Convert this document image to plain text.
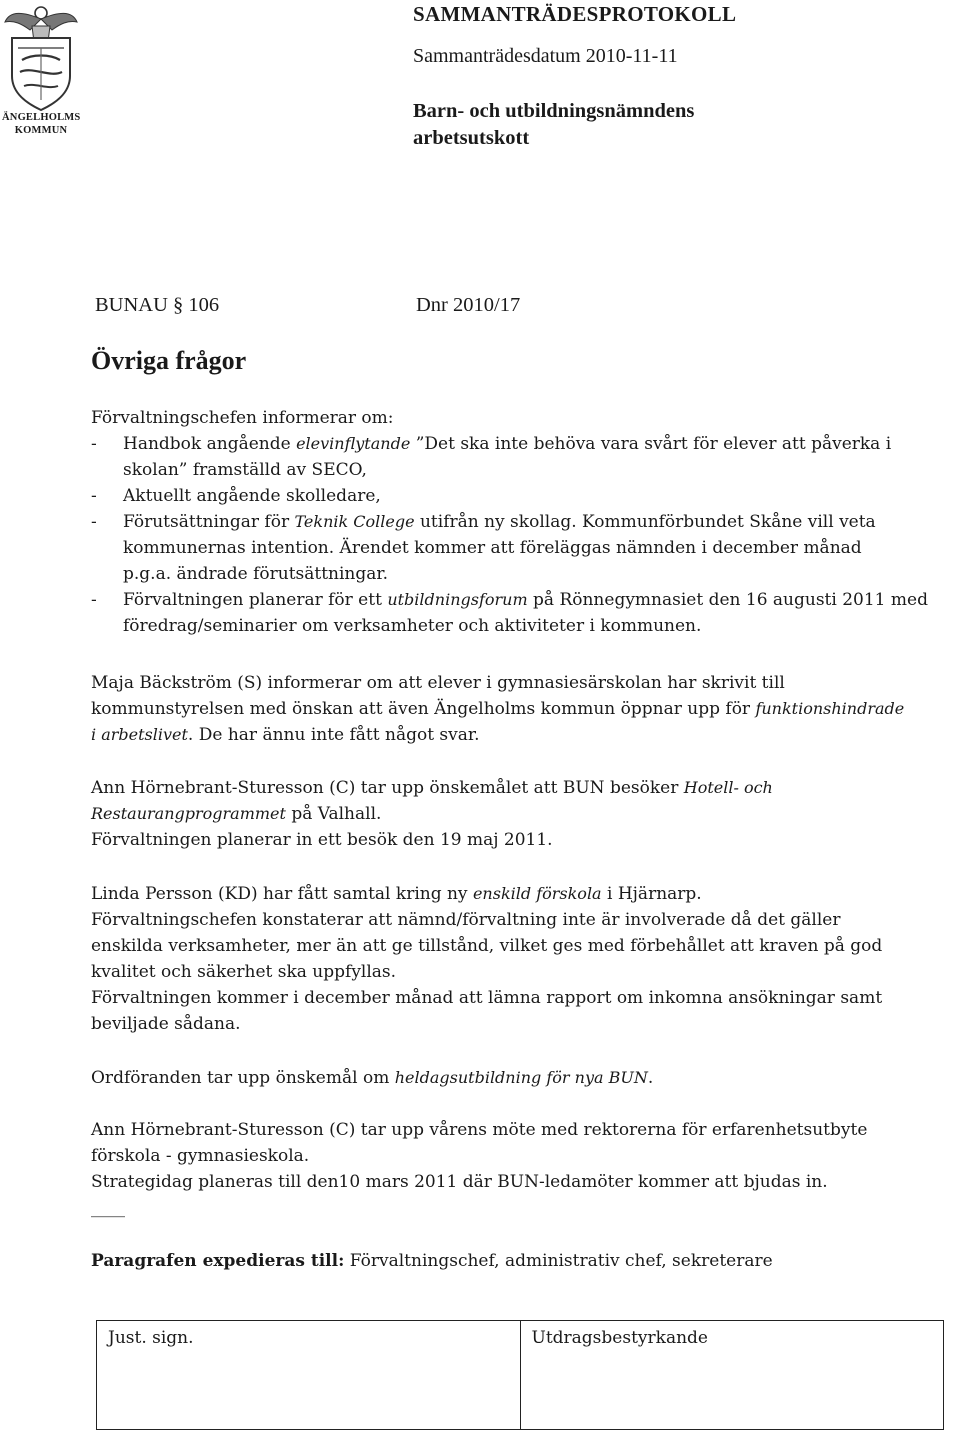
ÄNGELHOLMS
KOMMUN
SAMMANTRÄDESPROTOKOLL
Sammanträdesdatum 2010-11-11
Barn- och utbildningsnämndens
arbetsutskott
BUNAU § 106	Dnr 2010/17
Övriga frågor
Förvaltningschefen informerar om:
- Handbok angående elevinflytande ”Det ska inte behöva vara svårt för elever att påverka i
skolan” framställd av SECO,
- Aktuellt angående skolledare,
- Förutsättningar för Teknik College utifrån ny skollag. Kommunförbundet Skåne vill veta
kommunernas intention. Ärendet kommer att föreläggas nämnden i december månad
p.g.a. ändrade förutsättningar.
- Förvaltningen planerar för ett utbildningsforum på Rönnegymnasiet den 16 augusti 2011 med
föredrag/seminarier om verksamheter och aktiviteter i kommunen.
Maja Bäckström (S) informerar om att elever i gymnasiesärskolan har skrivit till
kommunstyrelsen med önskan att även Ängelholms kommun öppnar upp för funktionshindrade
i arbetslivet. De har ännu inte fått något svar.
Ann Hörnebrant-Sturesson (C) tar upp önskemålet att BUN besöker Hotell- och
Restaurangprogrammet på Valhall.
Förvaltningen planerar in ett besök den 19 maj 2011.
Linda Persson (KD) har fått samtal kring ny enskild förskola i Hjärnarp.
Förvaltningschefen konstaterar att nämnd/förvaltning inte är involverade då det gäller
enskilda verksamheter, mer än att ge tillstånd, vilket ges med förbehållet att kraven på god
kvalitet och säkerhet ska uppfyllas.
Förvaltningen kommer i december månad att lämna rapport om inkomna ansökningar samt
beviljade sådana.
Ordföranden tar upp önskemål om heldagsutbildning för nya BUN.
Ann Hörnebrant-Sturesson (C) tar upp vårens möte med rektorerna för erfarenhetsutbyte
förskola - gymnasieskola.
Strategidag planeras till den10 mars 2011 där BUN-ledamöter kommer att bjudas in.
____
Paragrafen expedieras till: Förvaltningschef, administrativ chef, sekreterare
Just. sign.	Utdragsbestyrkande
